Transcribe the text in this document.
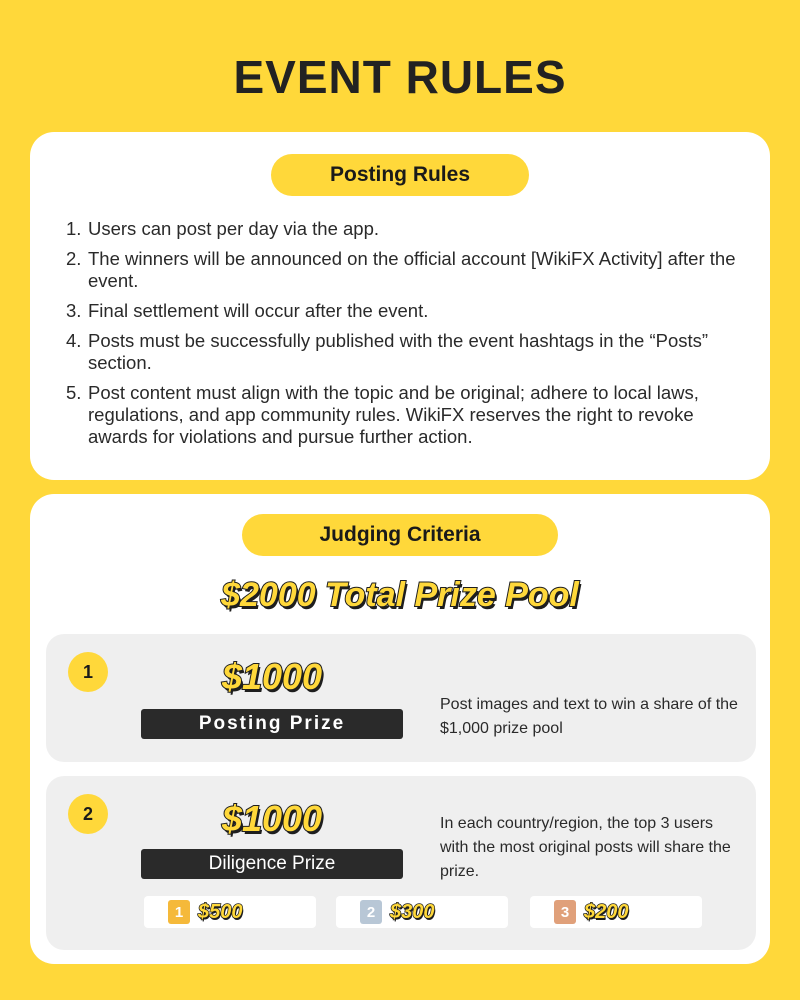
EVENT RULES
Posting Rules
1. Users can post per day via the app.
2. The winners will be announced on the official account [WikiFX Activity] after the event.
3. Final settlement will occur after the event.
4. Posts must be successfully published with the event hashtags in the “Posts” section.
5. Post content must align with the topic and be original; adhere to local laws, regulations, and app community rules. WikiFX reserves the right to revoke awards for violations and pursue further action.
Judging Criteria
$2000 Total Prize Pool
1	$1000
Posting Prize
Post images and text to win a share of the $1,000 prize pool
2	$1000
Diligence Prize
In each country/region, the top 3 users with the most original posts will share the prize.
1 $500	2 $300	3 $200
